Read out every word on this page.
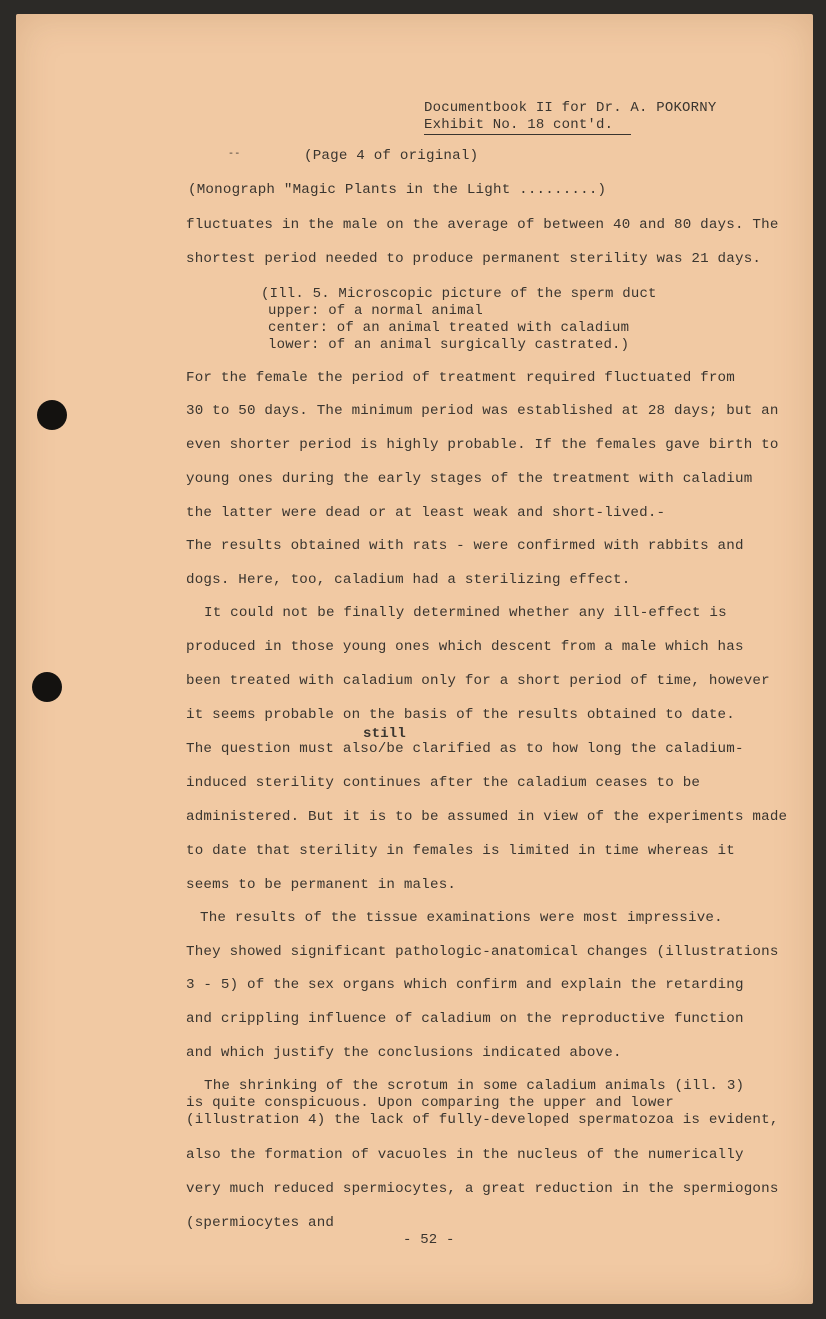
Documentbook II for Dr. A. POKORNY
Exhibit No. 18 cont'd.
--	(Page 4 of original)
(Monograph "Magic Plants in the Light .........)
fluctuates in the male on the average of between 40 and 80 days. The
shortest period needed to produce permanent sterility was 21 days.
(Ill. 5. Microscopic picture of the sperm duct
upper: of a normal animal
center: of an animal treated with caladium
lower: of an animal surgically castrated.)
For the female the period of treatment required fluctuated from
30 to 50 days. The minimum period was established at 28 days; but an
even shorter period is highly probable. If the females gave birth to
young ones during the early stages of the treatment with caladium
the latter were dead or at least weak and short-lived.-
The results obtained with rats - were confirmed with rabbits and
dogs. Here, too, caladium had a sterilizing effect.
It could not be finally determined whether any ill-effect is
produced in those young ones which descent from a male which has
been treated with caladium only for a short period of time, however
it seems probable on the basis of the results obtained to date.
still
The question must also/be clarified as to how long the caladium-
induced sterility continues after the caladium ceases to be
administered. But it is to be assumed in view of the experiments made
to date that sterility in females is limited in time whereas it
seems to be permanent in males.
The results of the tissue examinations were most impressive.
They showed significant pathologic-anatomical changes (illustrations
3 - 5) of the sex organs which confirm and explain the retarding
and crippling influence of caladium on the reproductive function
and which justify the conclusions indicated above.
The shrinking of the scrotum in some caladium animals (ill. 3)
is quite conspicuous. Upon comparing the upper and lower
(illustration 4) the lack of fully-developed spermatozoa is evident,
also the formation of vacuoles in the nucleus of the numerically
very much reduced spermiocytes, a great reduction in the spermiogons
(spermiocytes and
- 52 -
